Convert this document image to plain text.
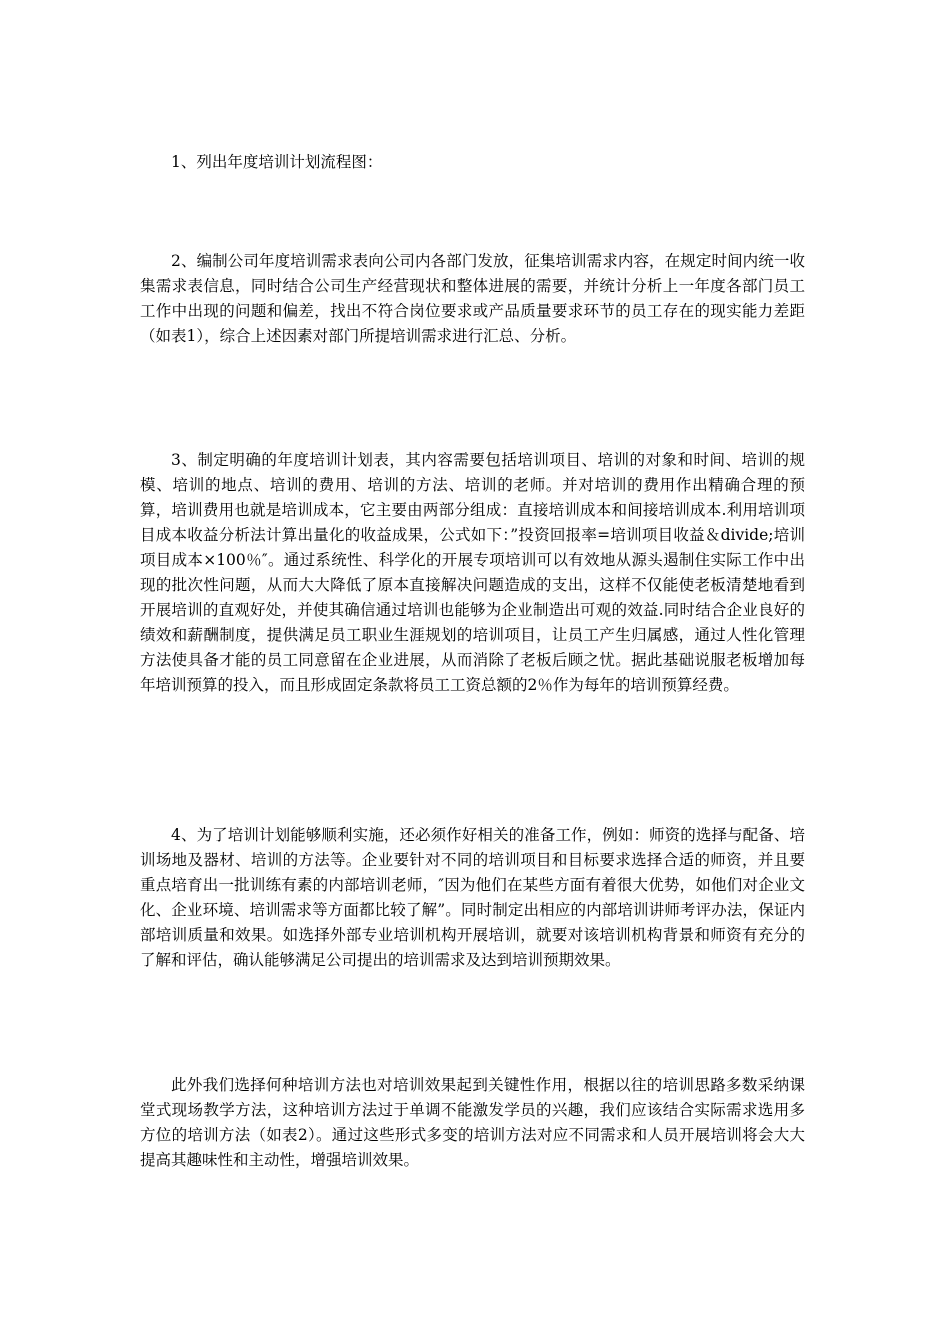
1、列出年度培训计划流程图：

2、编制公司年度培训需求表向公司内各部门发放，征集培训需求内容，在规定时间内统一收集需求表信息，同时结合公司生产经营现状和整体进展的需要，并统计分析上一年度各部门员工工作中出现的问题和偏差，找出不符合岗位要求或产品质量要求环节的员工存在的现实能力差距（如表1），综合上述因素对部门所提培训需求进行汇总、分析。

3、制定明确的年度培训计划表，其内容需要包括培训项目、培训的对象和时间、培训的规模、培训的地点、培训的费用、培训的方法、培训的老师。并对培训的费用作出精确合理的预算，培训费用也就是培训成本，它主要由两部分组成：直接培训成本和间接培训成本.利用培训项目成本收益分析法计算出量化的收益成果，公式如下：”投资回报率=培训项目收益＆divide;培训项目成本×100％″。通过系统性、科学化的开展专项培训可以有效地从源头遏制住实际工作中出现的批次性问题，从而大大降低了原本直接解决问题造成的支出，这样不仅能使老板清楚地看到开展培训的直观好处，并使其确信通过培训也能够为企业制造出可观的效益.同时结合企业良好的绩效和薪酬制度，提供满足员工职业生涯规划的培训项目，让员工产生归属感，通过人性化管理方法使具备才能的员工同意留在企业进展，从而消除了老板后顾之忧。据此基础说服老板增加每年培训预算的投入，而且形成固定条款将员工工资总额的2％作为每年的培训预算经费。

4、为了培训计划能够顺利实施，还必须作好相关的准备工作，例如：师资的选择与配备、培训场地及器材、培训的方法等。企业要针对不同的培训项目和目标要求选择合适的师资，并且要重点培育出一批训练有素的内部培训老师，″因为他们在某些方面有着很大优势，如他们对企业文化、企业环境、培训需求等方面都比较了解”。同时制定出相应的内部培训讲师考评办法，保证内部培训质量和效果。如选择外部专业培训机构开展培训，就要对该培训机构背景和师资有充分的了解和评估，确认能够满足公司提出的培训需求及达到培训预期效果。

此外我们选择何种培训方法也对培训效果起到关键性作用，根据以往的培训思路多数采纳课堂式现场教学方法，这种培训方法过于单调不能激发学员的兴趣，我们应该结合实际需求选用多方位的培训方法（如表2）。通过这些形式多变的培训方法对应不同需求和人员开展培训将会大大提高其趣味性和主动性，增强培训效果。
